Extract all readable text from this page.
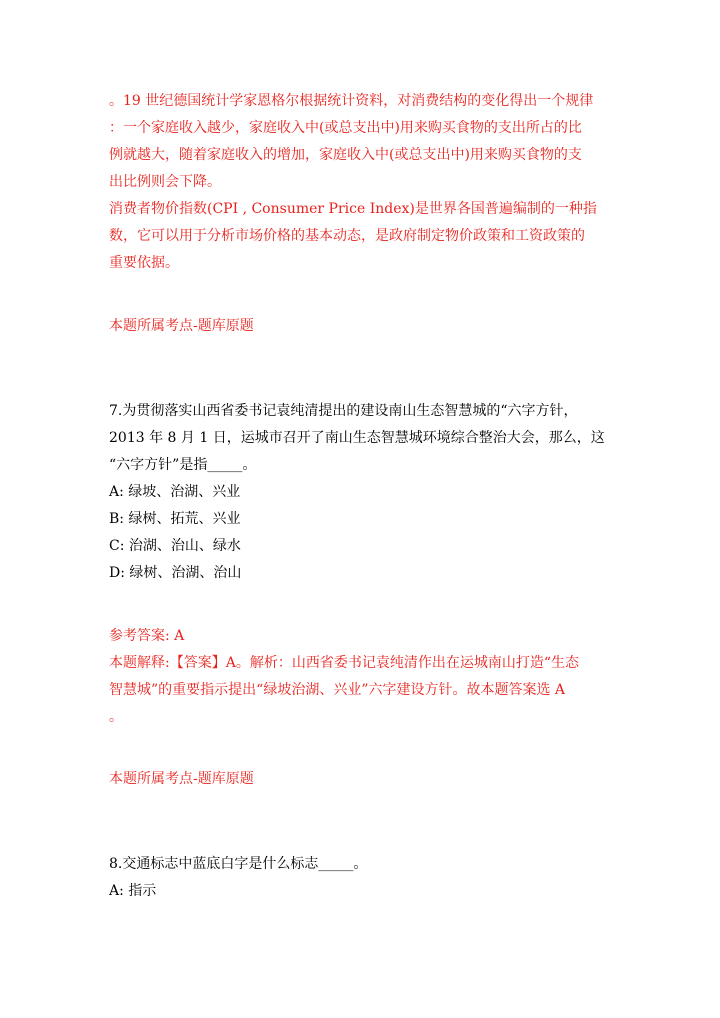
。19 世纪德国统计学家恩格尔根据统计资料，对消费结构的变化得出一个规律
：一个家庭收入越少，家庭收入中(或总支出中)用来购买食物的支出所占的比
例就越大，随着家庭收入的增加，家庭收入中(或总支出中)用来购买食物的支
出比例则会下降。
消费者物价指数(CPI , Consumer Price Index)是世界各国普遍编制的一种指
数，它可以用于分析市场价格的基本动态，是政府制定物价政策和工资政策的
重要依据。
本题所属考点-题库原题
7.为贯彻落实山西省委书记袁纯清提出的建设南山生态智慧城的“六字方针，
2013 年 8 月 1 日，运城市召开了南山生态智慧城环境综合整治大会，那么，这
“六字方针”是指_____。
A: 绿坡、治湖、兴业
B: 绿树、拓荒、兴业
C: 治湖、治山、绿水
D: 绿树、治湖、治山
参考答案: A
本题解释:【答案】A。解析：山西省委书记袁纯清作出在运城南山打造“生态
智慧城”的重要指示提出“绿坡治湖、兴业”六字建设方针。故本题答案选 A
。
本题所属考点-题库原题
8.交通标志中蓝底白字是什么标志_____。
A: 指示
